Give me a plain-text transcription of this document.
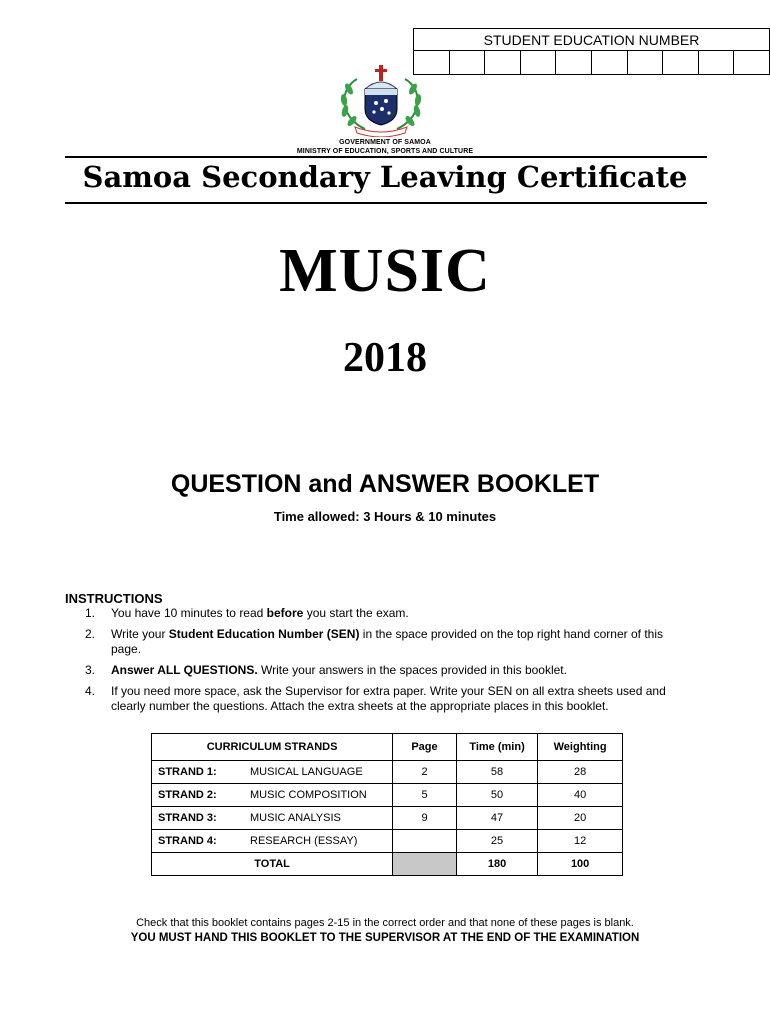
STUDENT EDUCATION NUMBER
GOVERNMENT OF SAMOA
MINISTRY OF EDUCATION, SPORTS AND CULTURE
Samoa Secondary Leaving Certificate
MUSIC
2018
QUESTION and ANSWER BOOKLET
Time allowed: 3 Hours & 10 minutes
INSTRUCTIONS
1.	You have 10 minutes to read before you start the exam.
2.	Write your Student Education Number (SEN) in the space provided on the top right hand corner of this page.
3.	Answer ALL QUESTIONS. Write your answers in the spaces provided in this booklet.
4.	If you need more space, ask the Supervisor for extra paper. Write your SEN on all extra sheets used and clearly number the questions. Attach the extra sheets at the appropriate places in this booklet.
CURRICULUM STRANDS	Page	Time (min)	Weighting

STRAND 1: MUSICAL LANGUAGE	2	58	28

STRAND 2: MUSIC COMPOSITION	5	50	40

STRAND 3: MUSIC ANALYSIS	9	47	20

STRAND 4: RESEARCH (ESSAY)		25	12
TOTAL		180	100
Check that this booklet contains pages 2-15 in the correct order and that none of these pages is blank.
YOU MUST HAND THIS BOOKLET TO THE SUPERVISOR AT THE END OF THE EXAMINATION
